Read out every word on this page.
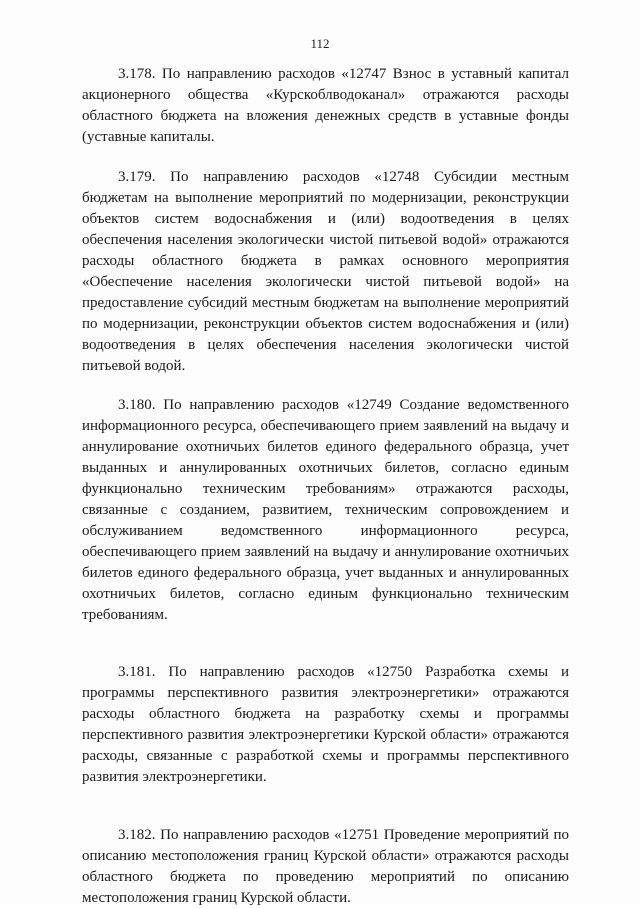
112

3.178. По направлению расходов «12747 Взнос в уставный капитал акционерного общества «Курскоблводоканал» отражаются расходы областного бюджета на вложения денежных средств в уставные фонды (уставные капиталы.

3.179. По направлению расходов «12748 Субсидии местным бюджетам на выполнение мероприятий по модернизации, реконструкции объектов систем водоснабжения и (или) водоотведения в целях обеспечения населения экологически чистой питьевой водой» отражаются расходы областного бюджета в рамках основного мероприятия «Обеспечение населения экологически чистой питьевой водой» на предоставление субсидий местным бюджетам на выполнение мероприятий по модернизации, реконструкции объектов систем водоснабжения и (или) водоотведения в целях обеспечения населения экологически чистой питьевой водой.

3.180. По направлению расходов «12749 Создание ведомственного информационного ресурса, обеспечивающего прием заявлений на выдачу и аннулирование охотничьих билетов единого федерального образца, учет выданных и аннулированных охотничьих билетов, согласно единым функционально техническим требованиям» отражаются расходы, связанные с созданием, развитием, техническим сопровождением и обслуживанием ведомственного информационного ресурса, обеспечивающего прием заявлений на выдачу и аннулирование охотничьих билетов единого федерального образца, учет выданных и аннулированных охотничьих билетов, согласно единым функционально техническим требованиям.

3.181. По направлению расходов «12750 Разработка схемы и программы перспективного развития электроэнергетики» отражаются расходы областного бюджета на разработку схемы и программы перспективного развития электроэнергетики Курской области» отражаются расходы, связанные с разработкой схемы и программы перспективного развития электроэнергетики.

3.182. По направлению расходов «12751 Проведение мероприятий по описанию местоположения границ Курской области» отражаются расходы областного бюджета по проведению мероприятий по описанию местоположения границ Курской области.
